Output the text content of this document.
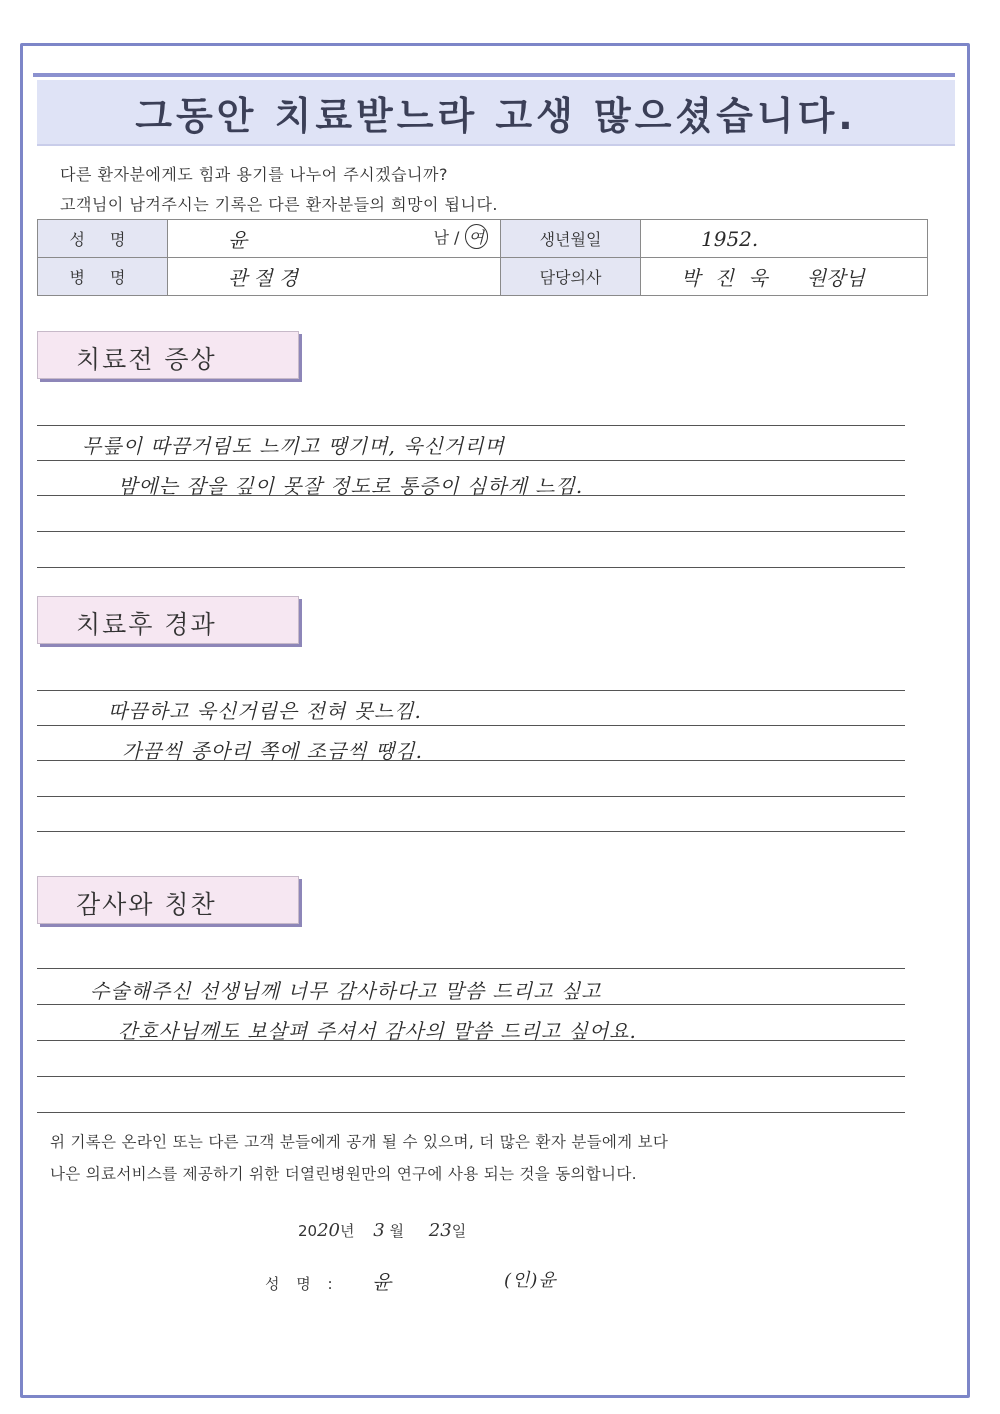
그동안 치료받느라 고생 많으셨습니다.
다른 환자분에게도 힘과 용기를 나누어 주시겠습니까?
고객님이 남겨주시는 기록은 다른 환자분들의 희망이 됩니다.
성 명	윤 남 / 여	생년월일	1952.
병 명	관절경	담당의사	박 진 욱 원장님
치료전 증상
무릎이 따끔거림도 느끼고 땡기며, 욱신거리며
밤에는 잠을 깊이 못잘 정도로 통증이 심하게 느낌.
치료후 경과
따끔하고 욱신거림은 전혀 못느낌.
가끔씩 종아리 쪽에 조금씩 땡김.
감사와 칭찬
수술해주신 선생님께 너무 감사하다고 말씀 드리고 싶고
간호사님께도 보살펴 주셔서 감사의 말씀 드리고 싶어요.
위 기록은 온라인 또는 다른 고객 분들에게 공개 될 수 있으며, 더 많은 환자 분들에게 보다
나은 의료서비스를 제공하기 위한 더열린병원만의 연구에 사용 되는 것을 동의합니다.
2020년 3 월 23일
성 명 : 윤	(인)윤
